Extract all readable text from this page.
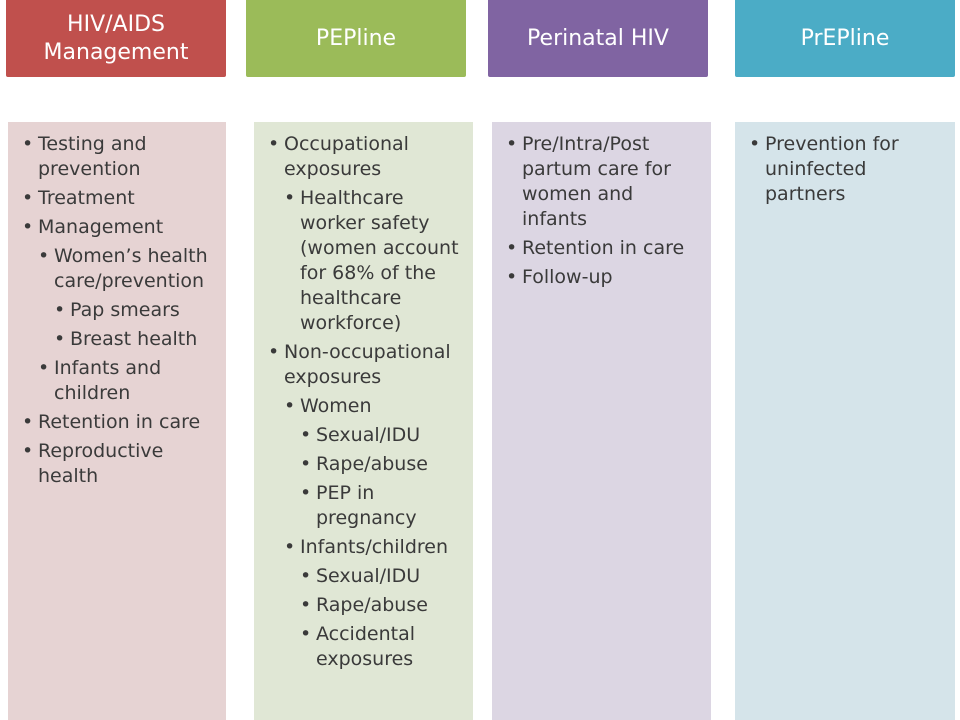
HIV/AIDS Management
PEPline	Perinatal HIV	PrEPline
• Testing and prevention
• Treatment
• Management
• Women’s health care/prevention
• Pap smears
• Breast health
• Infants and children
• Retention in care
• Reproductive health
• Occupational exposures
• Healthcare worker safety (women account for 68% of the healthcare workforce)
• Non-occupational exposures
• Women
• Sexual/IDU
• Rape/abuse
• PEP in pregnancy
• Infants/children
• Sexual/IDU
• Rape/abuse
• Accidental exposures
• Pre/Intra/Post partum care for women and infants
• Retention in care
• Follow-up
• Prevention for uninfected partners
